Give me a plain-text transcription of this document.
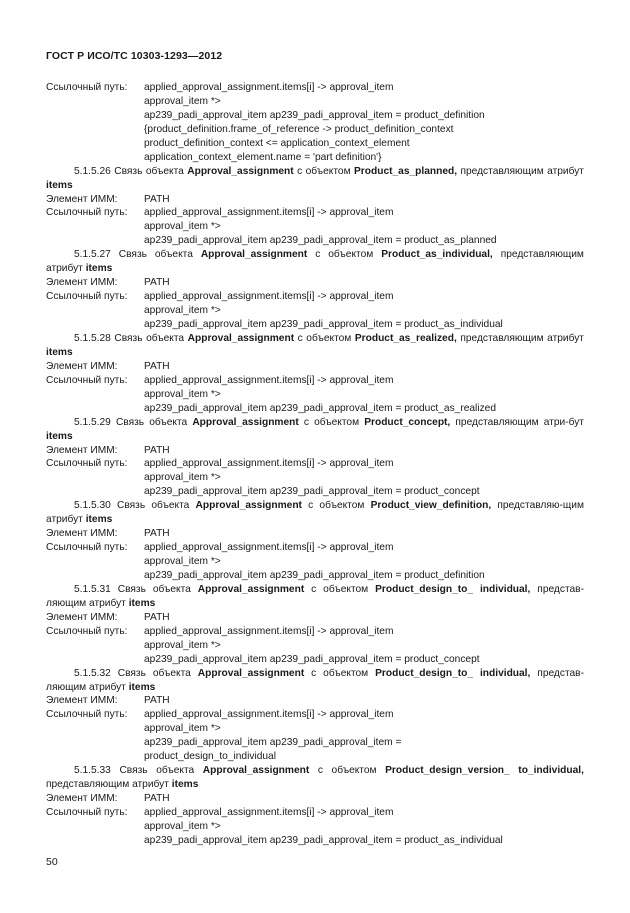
ГОСТ Р ИСО/ТС 10303-1293—2012
Ссылочный путь: applied_approval_assignment.items[i] -> approval_item
approval_item *>
ap239_padi_approval_item ap239_padi_approval_item = product_definition
{product_definition.frame_of_reference -> product_definition_context
product_definition_context <= application_context_element
application_context_element.name = 'part definition'}
5.1.5.26 Связь объекта Approval_assignment с объектом Product_as_planned, представляющим атрибут items
Элемент ИММ:	PATH
Ссылочный путь: applied_approval_assignment.items[i] -> approval_item
approval_item *>
ap239_padi_approval_item ap239_padi_approval_item = product_as_planned
5.1.5.27 Связь объекта Approval_assignment с объектом Product_as_individual, представляющим атрибут items
Элемент ИММ:	PATH
Ссылочный путь: applied_approval_assignment.items[i] -> approval_item
approval_item *>
ap239_padi_approval_item ap239_padi_approval_item = product_as_individual
5.1.5.28 Связь объекта Approval_assignment с объектом Product_as_realized, представляющим атрибут items
Элемент ИММ:	PATH
Ссылочный путь: applied_approval_assignment.items[i] -> approval_item
approval_item *>
ap239_padi_approval_item ap239_padi_approval_item = product_as_realized
5.1.5.29 Связь объекта Approval_assignment с объектом Product_concept, представляющим атри-бут items
Элемент ИММ:	PATH
Ссылочный путь: applied_approval_assignment.items[i] -> approval_item
approval_item *>
ap239_padi_approval_item ap239_padi_approval_item = product_concept
5.1.5.30 Связь объекта Approval_assignment с объектом Product_view_definition, представляю-щим атрибут items
Элемент ИММ:	PATH
Ссылочный путь: applied_approval_assignment.items[i] -> approval_item
approval_item *>
ap239_padi_approval_item ap239_padi_approval_item = product_definition
5.1.5.31 Связь объекта Approval_assignment с объектом Product_design_to_ individual, представ-ляющим атрибут items
Элемент ИММ:	PATH
Ссылочный путь: applied_approval_assignment.items[i] -> approval_item
approval_item *>
ap239_padi_approval_item ap239_padi_approval_item = product_concept
5.1.5.32 Связь объекта Approval_assignment с объектом Product_design_to_ individual, представ-ляющим атрибут items
Элемент ИММ:	PATH
Ссылочный путь: applied_approval_assignment.items[i] -> approval_item
approval_item *>
ap239_padi_approval_item ap239_padi_approval_item =
product_design_to_individual
5.1.5.33 Связь объекта Approval_assignment с объектом Product_design_version_ to_individual, представляющим атрибут items
Элемент ИММ:	PATH
Ссылочный путь: applied_approval_assignment.items[i] -> approval_item
approval_item *>
ap239_padi_approval_item ap239_padi_approval_item = product_as_individual
50
